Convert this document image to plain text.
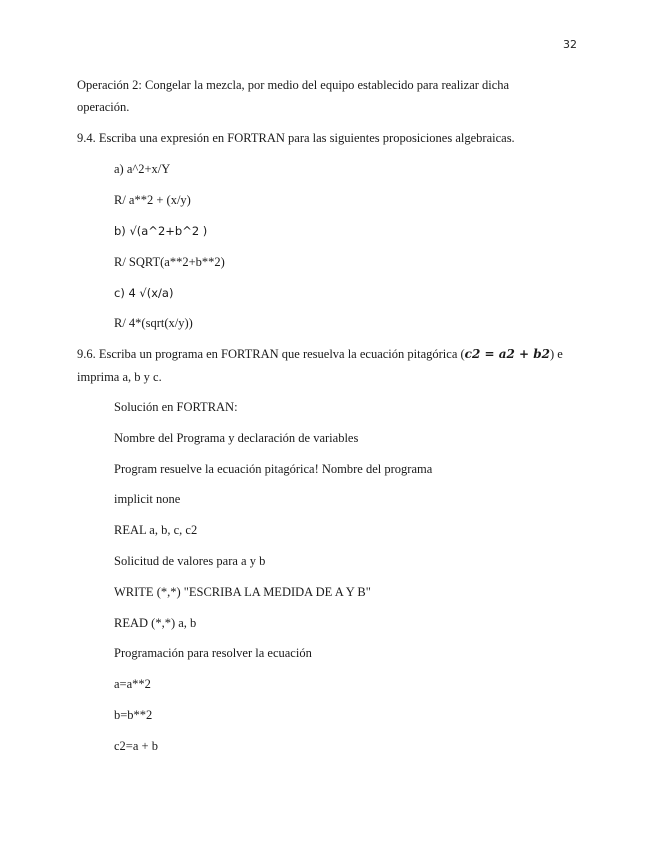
32
Operación 2: Congelar la mezcla, por medio del equipo establecido para realizar dicha
operación.
9.4. Escriba una expresión en FORTRAN para las siguientes proposiciones algebraicas.
a) a^2+x/Y
R/ a**2 + (x/y)
b) √(a^2+b^2 )
R/ SQRT(a**2+b**2)
c) 4 √(x/a)
R/ 4*(sqrt(x/y))
9.6. Escriba un programa en FORTRAN que resuelva la ecuación pitagórica (c2 = a2 + b2) e
imprima a, b y c.
Solución en FORTRAN:
Nombre del Programa y declaración de variables
Program resuelve la ecuación pitagórica! Nombre del programa
implicit none
REAL a, b, c, c2
Solicitud de valores para a y b
WRITE (*,*) "ESCRIBA LA MEDIDA DE A Y B"
READ (*,*) a, b
Programación para resolver la ecuación
a=a**2
b=b**2
c2=a + b
